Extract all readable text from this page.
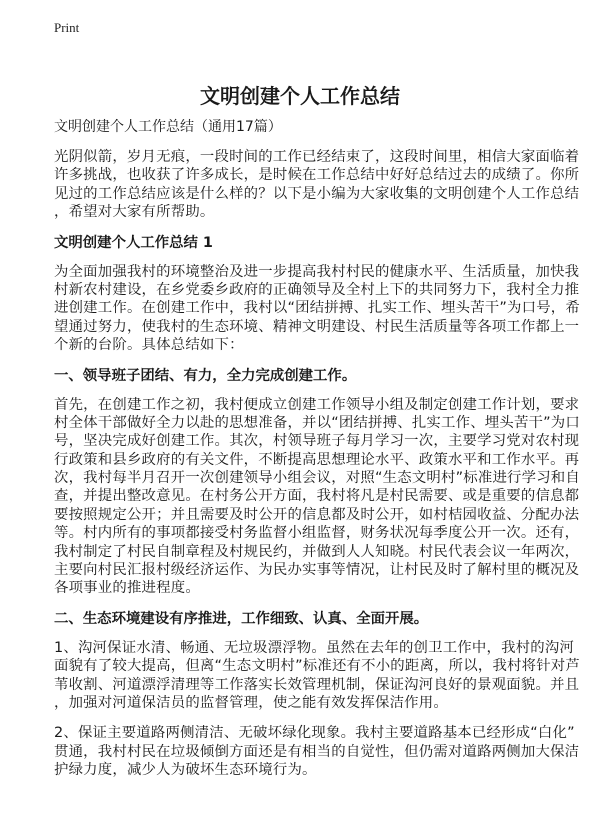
Print
文明创建个人工作总结
文明创建个人工作总结（通用17篇）
光阴似箭，岁月无痕，一段时间的工作已经结束了，这段时间里，相信大家面临着
许多挑战，也收获了许多成长，是时候在工作总结中好好总结过去的成绩了。你所
见过的工作总结应该是什么样的？以下是小编为大家收集的文明创建个人工作总结
，希望对大家有所帮助。
文明创建个人工作总结 1
为全面加强我村的环境整治及进一步提高我村村民的健康水平、生活质量，加快我
村新农村建设，在乡党委乡政府的正确领导及全村上下的共同努力下，我村全力推
进创建工作。在创建工作中，我村以“团结拼搏、扎实工作、埋头苦干”为口号，希
望通过努力，使我村的生态环境、精神文明建设、村民生活质量等各项工作都上一
个新的台阶。具体总结如下：
一、领导班子团结、有力，全力完成创建工作。
首先，在创建工作之初，我村便成立创建工作领导小组及制定创建工作计划，要求
村全体干部做好全力以赴的思想准备，并以“团结拼搏、扎实工作、埋头苦干”为口
号，坚决完成好创建工作。其次，村领导班子每月学习一次，主要学习党对农村现
行政策和县乡政府的有关文件，不断提高思想理论水平、政策水平和工作水平。再
次，我村每半月召开一次创建领导小组会议，对照“生态文明村”标准进行学习和自
查，并提出整改意见。在村务公开方面，我村将凡是村民需要、或是重要的信息都
要按照规定公开；并且需要及时公开的信息都及时公开，如村桔园收益、分配办法
等。村内所有的事项都接受村务监督小组监督，财务状况每季度公开一次。还有，
我村制定了村民自制章程及村规民约，并做到人人知晓。村民代表会议一年两次，
主要向村民汇报村级经济运作、为民办实事等情况，让村民及时了解村里的概况及
各项事业的推进程度。
二、生态环境建设有序推进，工作细致、认真、全面开展。
1、沟河保证水清、畅通、无垃圾漂浮物。虽然在去年的创卫工作中，我村的沟河
面貌有了较大提高，但离“生态文明村”标准还有不小的距离，所以，我村将针对芦
苇收割、河道漂浮清理等工作落实长效管理机制，保证沟河良好的景观面貌。并且
，加强对河道保洁员的监督管理，使之能有效发挥保洁作用。
2、保证主要道路两侧清洁、无破坏绿化现象。我村主要道路基本已经形成“白化”
贯通，我村村民在垃圾倾倒方面还是有相当的自觉性，但仍需对道路两侧加大保洁
护绿力度，减少人为破坏生态环境行为。
